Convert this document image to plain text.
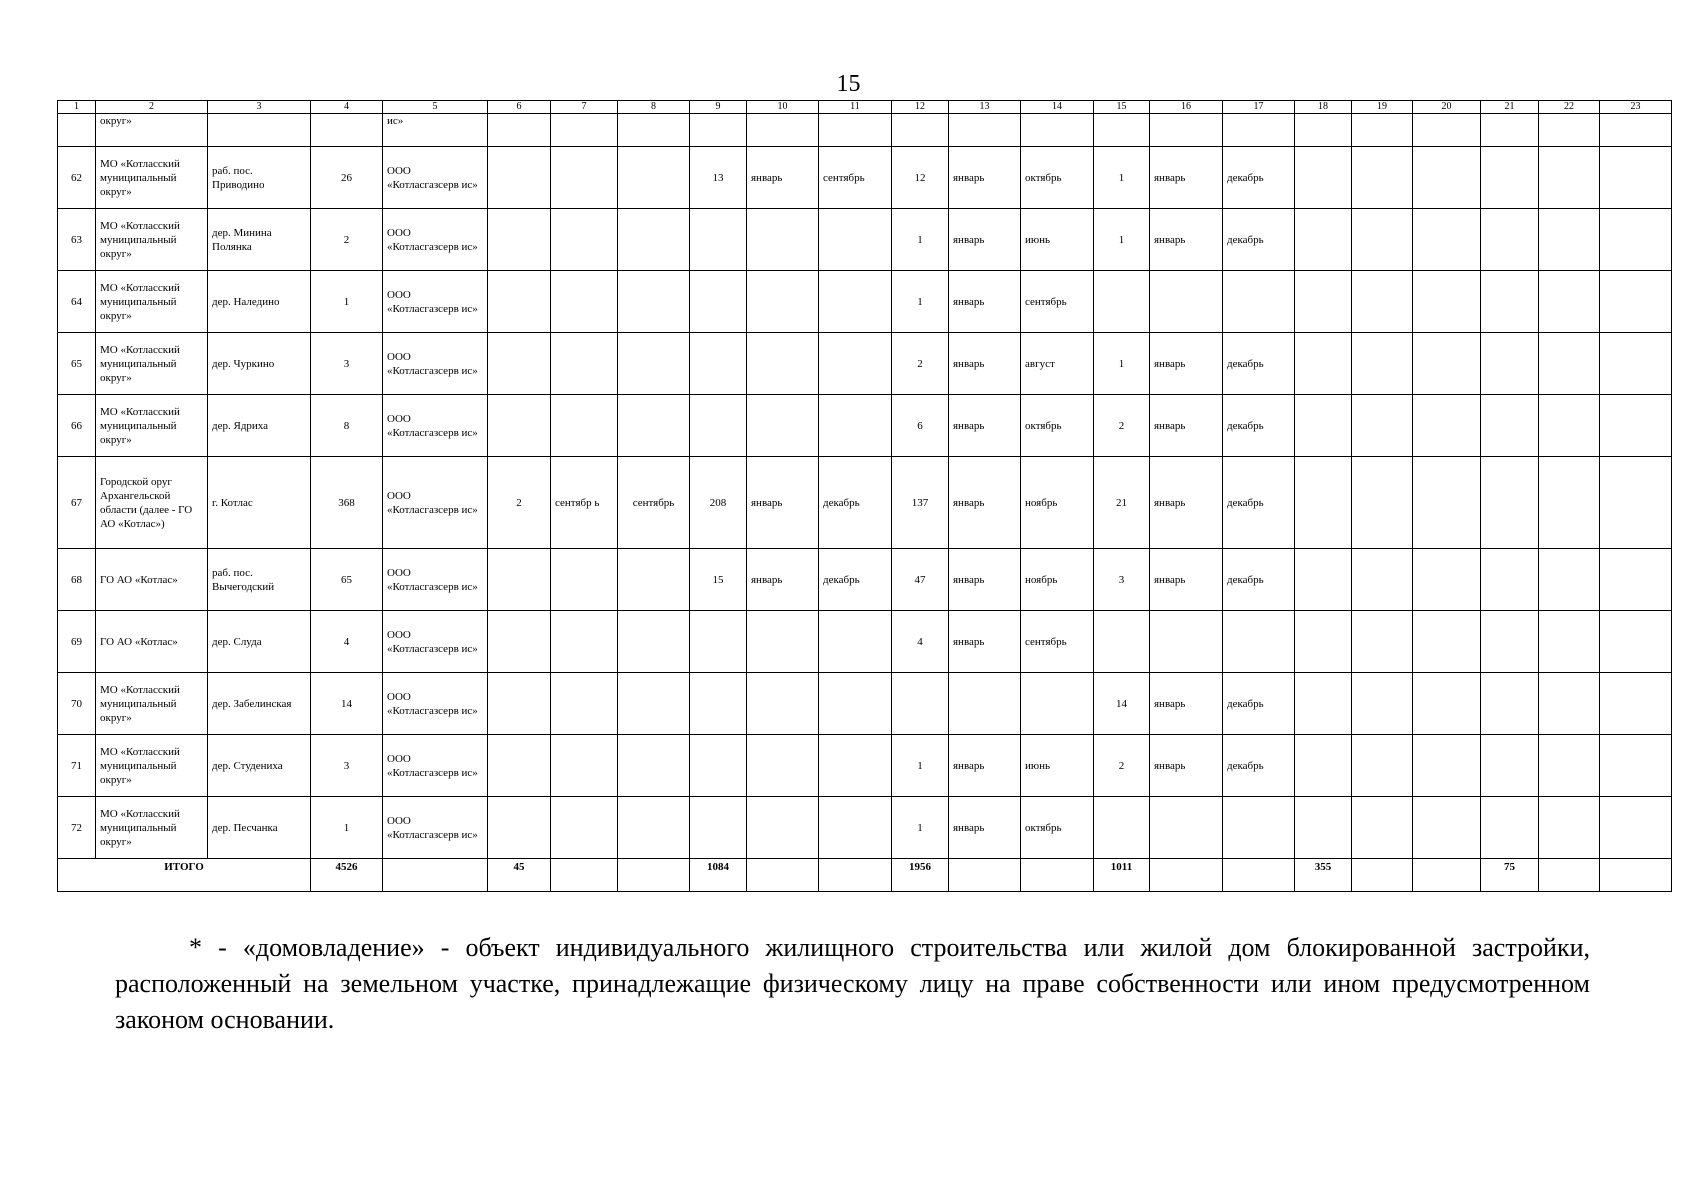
15
1	2	3	4	5	6	7	8	9	10	11	12	13	14	15	16	17	18	19	20	21	22	23
	округ»			ис»																		
62	МО «Котласский муниципальный округ»	раб. пос. Приводино	26	ООО «Котласгазсерв ис»				13	январь	сентябрь	12	январь	октябрь	1	январь	декабрь						
63	МО «Котласский муниципальный округ»	дер. Минина Полянка	2	ООО «Котласгазсерв ис»							1	январь	июнь	1	январь	декабрь						
64	МО «Котласский муниципальный округ»	дер. Наледино	1	ООО «Котласгазсерв ис»							1	январь	сентябрь									
65	МО «Котласский муниципальный округ»	дер. Чуркино	3	ООО «Котласгазсерв ис»							2	январь	август	1	январь	декабрь						
66	МО «Котласский муниципальный округ»	дер. Ядриха	8	ООО «Котласгазсерв ис»							6	январь	октябрь	2	январь	декабрь						
67	Городской оруг Архангельской области (далее - ГО АО «Котлас»)	г. Котлас	368	ООО «Котласгазсерв ис»	2	сентябр ь	сентябрь	208	январь	декабрь	137	январь	ноябрь	21	январь	декабрь						
68	ГО АО «Котлас»	раб. пос. Вычегодский	65	ООО «Котласгазсерв ис»				15	январь	декабрь	47	январь	ноябрь	3	январь	декабрь						
69	ГО АО «Котлас»	дер. Слуда	4	ООО «Котласгазсерв ис»							4	январь	сентябрь									
70	МО «Котласский муниципальный округ»	дер. Забелинская	14	ООО «Котласгазсерв ис»										14	январь	декабрь						
71	МО «Котласский муниципальный округ»	дер. Студениха	3	ООО «Котласгазсерв ис»							1	январь	июнь	2	январь	декабрь						
72	МО «Котласский муниципальный округ»	дер. Песчанка	1	ООО «Котласгазсерв ис»							1	январь	октябрь									
ИТОГО			4526		45			1084			1956			1011			355			75		
* - «домовладение» - объект индивидуального жилищного строительства или жилой дом блокированной застройки, расположенный на земельном участке, принадлежащие физическому лицу на праве собственности или ином предусмотренном законом основании.
